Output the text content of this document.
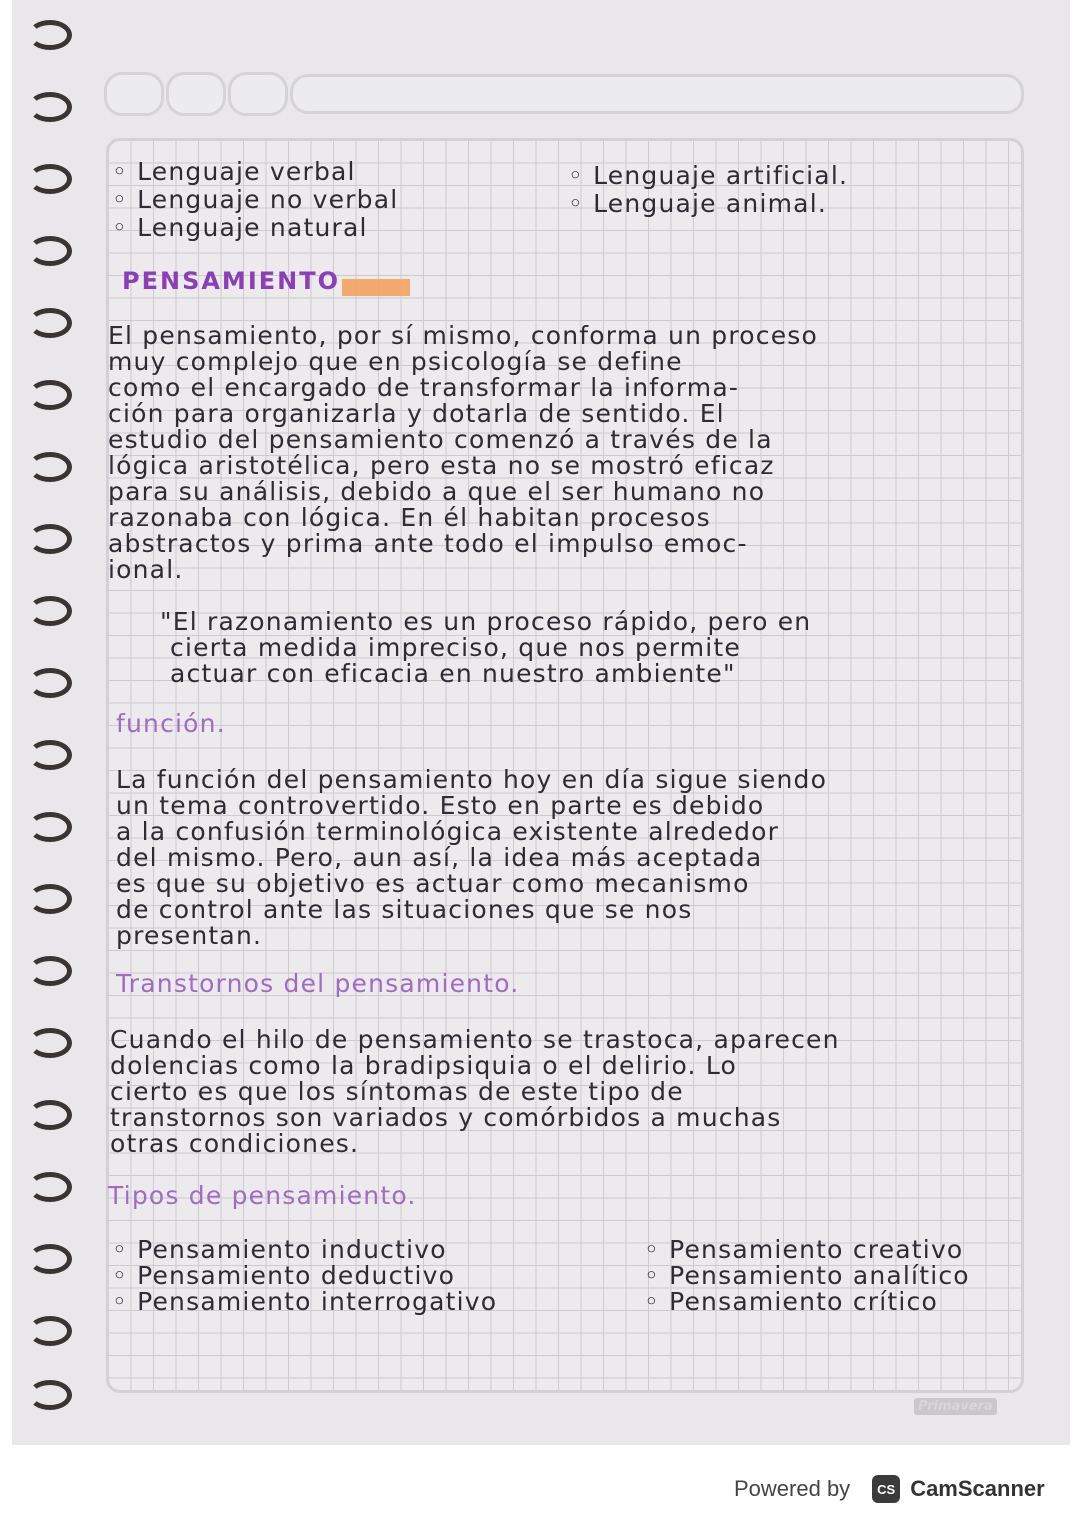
◦ Lenguaje verbal
◦ Lenguaje no verbal
◦ Lenguaje natural
◦ Lenguaje artificial.
◦ Lenguaje animal.
PENSAMIENTO
El pensamiento, por sí mismo, conforma un proceso
muy complejo que en psicología se define
como el encargado de transformar la informa-
ción para organizarla y dotarla de sentido. El
estudio del pensamiento comenzó a través de la
lógica aristotélica, pero esta no se mostró eficaz
para su análisis, debido a que el ser humano no
razonaba con lógica. En él habitan procesos
abstractos y prima ante todo el impulso emoc-
ional.
"El razonamiento es un proceso rápido, pero en
cierta medida impreciso, que nos permite
actuar con eficacia en nuestro ambiente"
función.
La función del pensamiento hoy en día sigue siendo
un tema controvertido. Esto en parte es debido
a la confusión terminológica existente alrededor
del mismo. Pero, aun así, la idea más aceptada
es que su objetivo es actuar como mecanismo
de control ante las situaciones que se nos
presentan.
Transtornos del pensamiento.
Cuando el hilo de pensamiento se trastoca, aparecen
dolencias como la bradipsiquia o el delirio. Lo
cierto es que los síntomas de este tipo de
transtornos son variados y comórbidos a muchas
otras condiciones.
Tipos de pensamiento.
◦ Pensamiento inductivo
◦ Pensamiento deductivo
◦ Pensamiento interrogativo
◦ Pensamiento creativo
◦ Pensamiento analítico
◦ Pensamiento crítico
Primavera
Powered by	CS CamScanner
